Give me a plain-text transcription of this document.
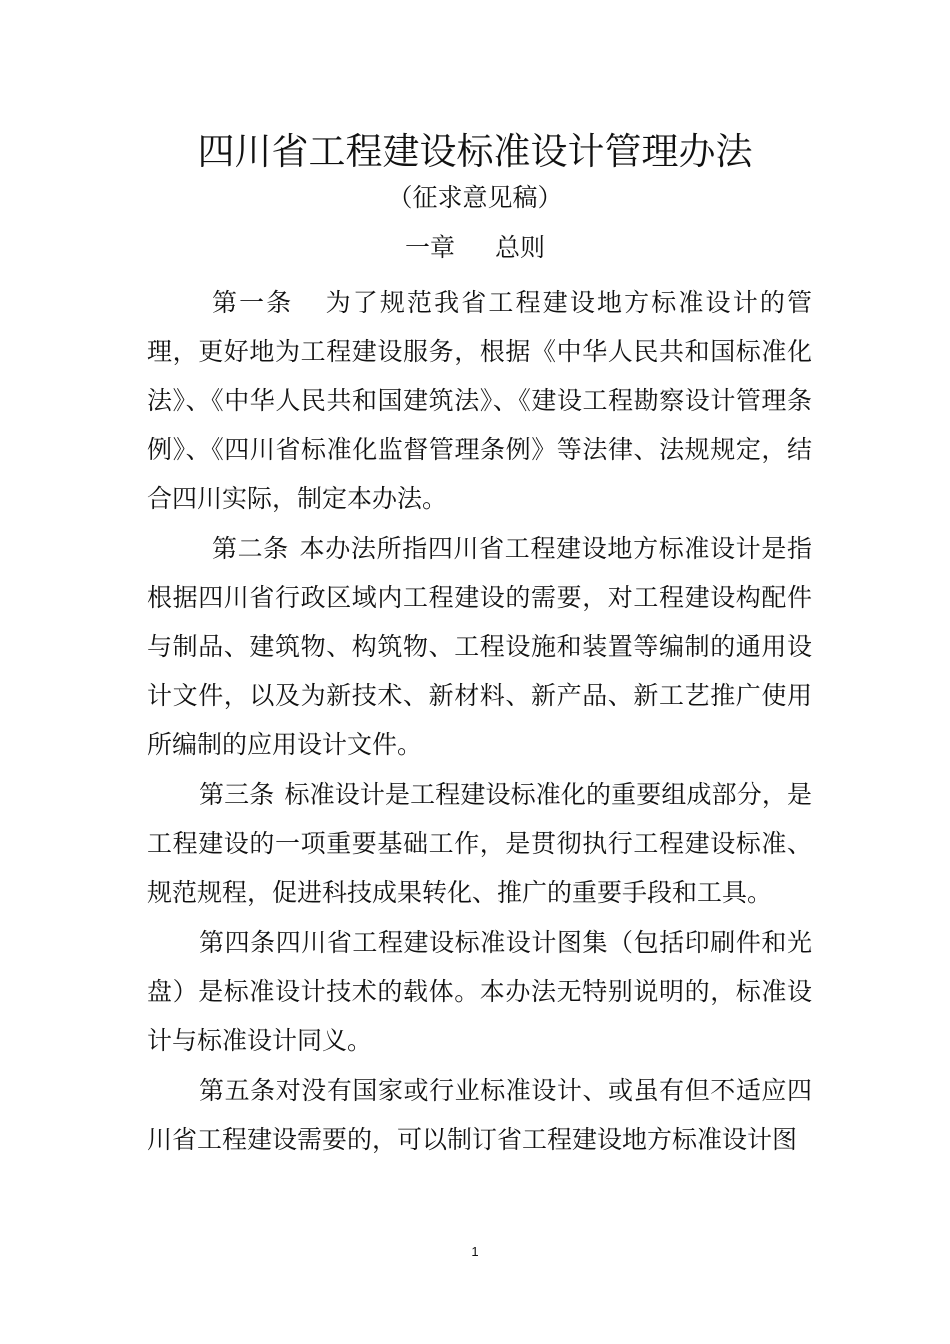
四川省工程建设标准设计管理办法
（征求意见稿）
一章 总则

第一条 为了规范我省工程建设地方标准设计的管理，更好地为工程建设服务，根据《中华人民共和国标准化法》、《中华人民共和国建筑法》、《建设工程勘察设计管理条例》、《四川省标准化监督管理条例》等法律、法规规定，结合四川实际，制定本办法。

第二条 本办法所指四川省工程建设地方标准设计是指根据四川省行政区域内工程建设的需要，对工程建设构配件与制品、建筑物、构筑物、工程设施和装置等编制的通用设计文件，以及为新技术、新材料、新产品、新工艺推广使用所编制的应用设计文件。

第三条 标准设计是工程建设标准化的重要组成部分，是工程建设的一项重要基础工作，是贯彻执行工程建设标准、规范规程，促进科技成果转化、推广的重要手段和工具。

第四条四川省工程建设标准设计图集（包括印刷件和光盘）是标准设计技术的载体。本办法无特别说明的，标准设计与标准设计同义。

第五条对没有国家或行业标准设计、或虽有但不适应四川省工程建设需要的，可以制订省工程建设地方标准设计图

1
